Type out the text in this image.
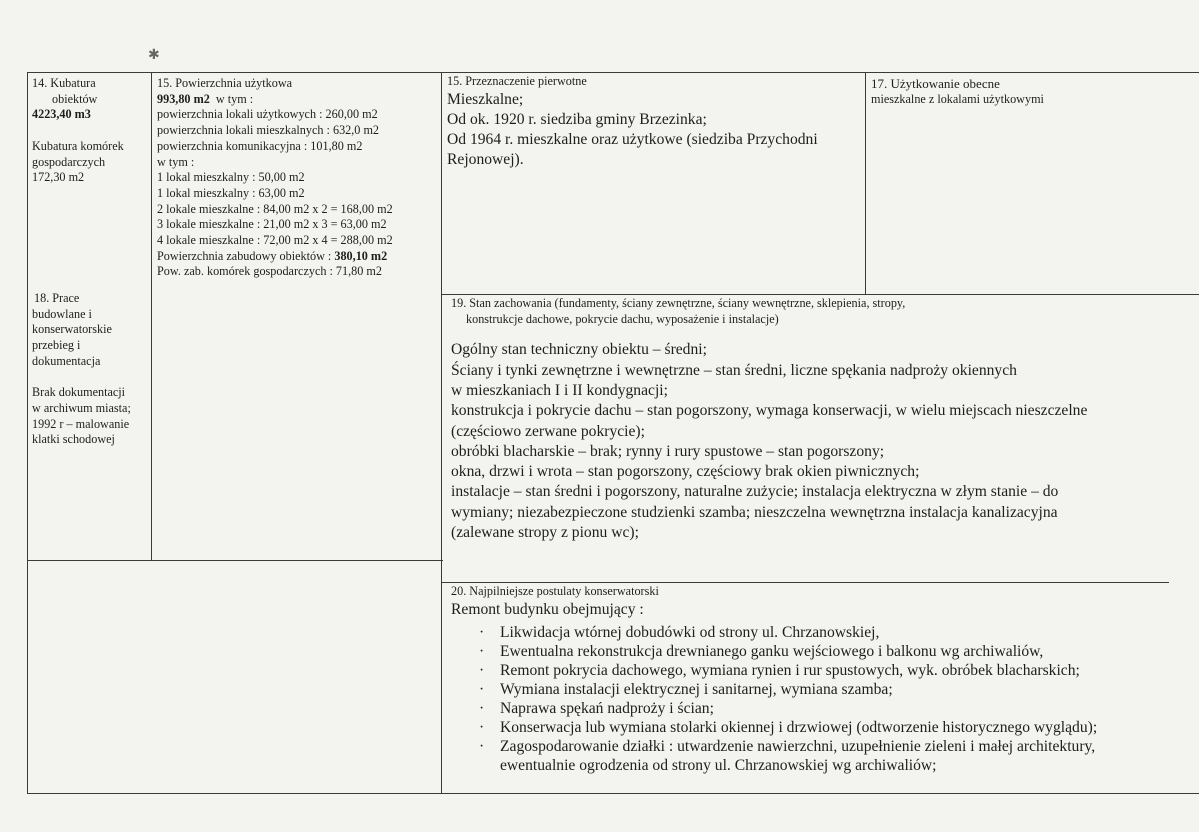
✱
14. Kubatura
obiektów
4223,40 m3

Kubatura komórek
gospodarczych
172,30 m2
15. Powierzchnia użytkowa
993,80 m2 w tym :
powierzchnia lokali użytkowych : 260,00 m2
powierzchnia lokali mieszkalnych : 632,0 m2
powierzchnia komunikacyjna : 101,80 m2
w tym :
1 lokal mieszkalny : 50,00 m2
1 lokal mieszkalny : 63,00 m2
2 lokale mieszkalne : 84,00 m2 x 2 = 168,00 m2
3 lokale mieszkalne : 21,00 m2 x 3 = 63,00 m2
4 lokale mieszkalne : 72,00 m2 x 4 = 288,00 m2
Powierzchnia zabudowy obiektów : 380,10 m2
Pow. zab. komórek gospodarczych : 71,80 m2
15. Przeznaczenie pierwotne
Mieszkalne;
Od ok. 1920 r. siedziba gminy Brzezinka;
Od 1964 r. mieszkalne oraz użytkowe (siedziba Przychodni
Rejonowej).
17. Użytkowanie obecne
mieszkalne z lokalami użytkowymi
18. Prace
budowlane i
konserwatorskie
przebieg i
dokumentacja

Brak dokumentacji
w archiwum miasta;
1992 r – malowanie
klatki schodowej
19. Stan zachowania (fundamenty, ściany zewnętrzne, ściany wewnętrzne, sklepienia, stropy,
konstrukcje dachowe, pokrycie dachu, wyposażenie i instalacje)
Ogólny stan techniczny obiektu – średni;
Ściany i tynki zewnętrzne i wewnętrzne – stan średni, liczne spękania nadproży okiennych
w mieszkaniach I i II kondygnacji;
konstrukcja i pokrycie dachu – stan pogorszony, wymaga konserwacji, w wielu miejscach nieszczelne
(częściowo zerwane pokrycie);
obróbki blacharskie – brak; rynny i rury spustowe – stan pogorszony;
okna, drzwi i wrota – stan pogorszony, częściowy brak okien piwnicznych;
instalacje – stan średni i pogorszony, naturalne zużycie; instalacja elektryczna w złym stanie – do
wymiany; niezabezpieczone studzienki szamba; nieszczelna wewnętrzna instalacja kanalizacyjna
(zalewane stropy z pionu wc);
20. Najpilniejsze postulaty konserwatorski
Remont budynku obejmujący :
· Likwidacja wtórnej dobudówki od strony ul. Chrzanowskiej,
· Ewentualna rekonstrukcja drewnianego ganku wejściowego i balkonu wg archiwaliów,
· Remont pokrycia dachowego, wymiana rynien i rur spustowych, wyk. obróbek blacharskich;
· Wymiana instalacji elektrycznej i sanitarnej, wymiana szamba;
· Naprawa spękań nadproży i ścian;
· Konserwacja lub wymiana stolarki okiennej i drzwiowej (odtworzenie historycznego wyglądu);
· Zagospodarowanie działki : utwardzenie nawierzchni, uzupełnienie zieleni i małej architektury,
ewentualnie ogrodzenia od strony ul. Chrzanowskiej wg archiwaliów;
